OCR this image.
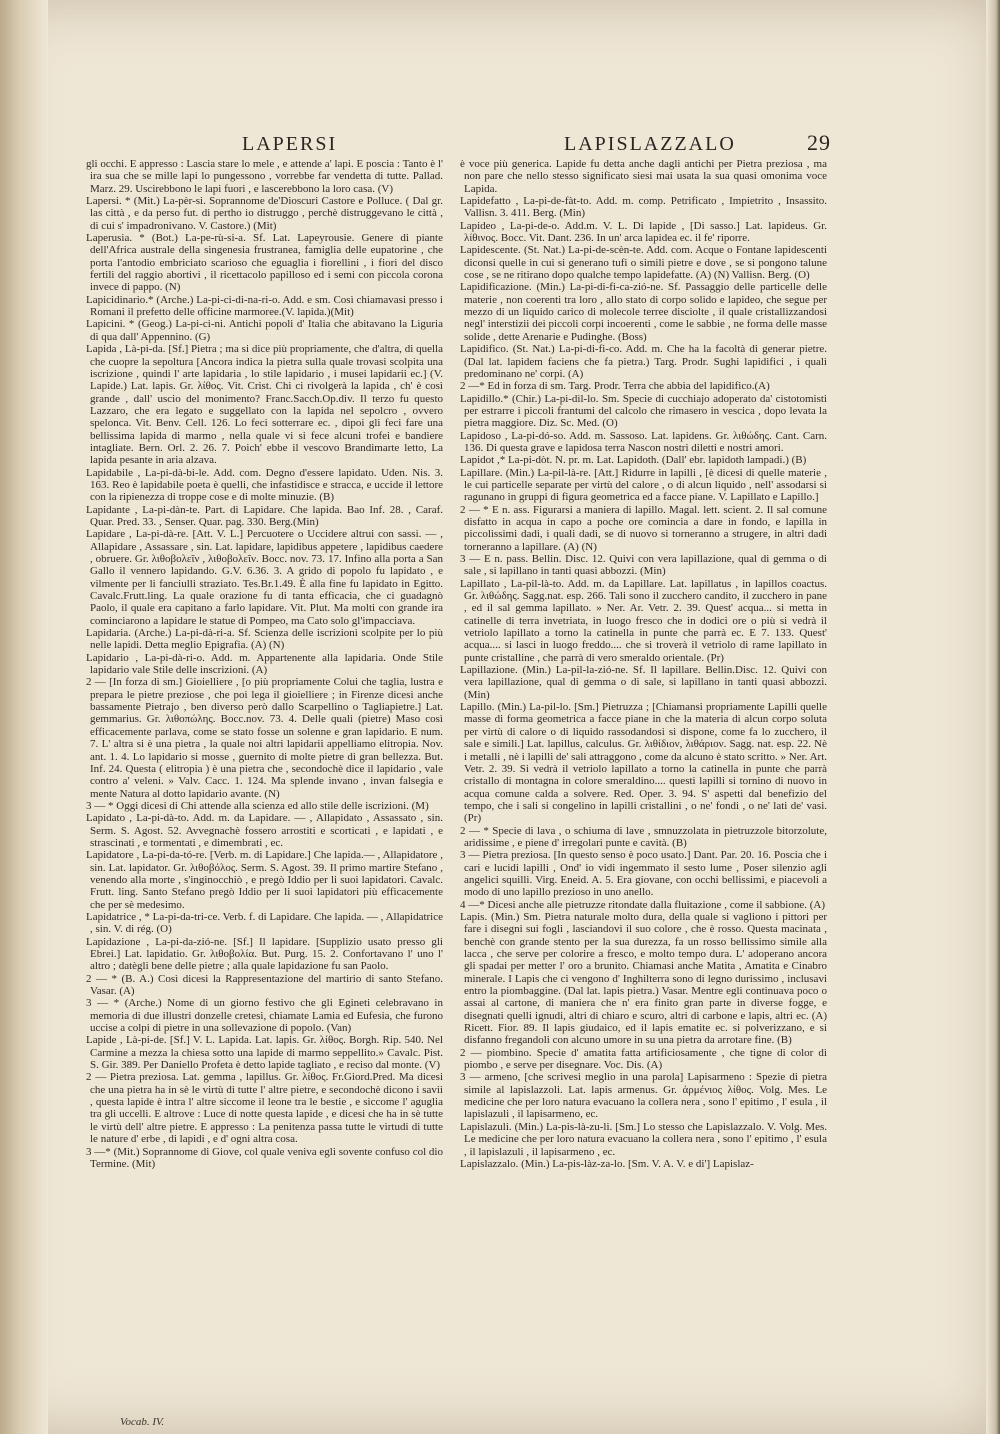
LAPERSI	LAPISLAZZALO	29

gli occhi. E appresso : Lascia stare lo mele , e attende a' lapi. E poscia : Tanto è l' ira sua che se mille lapi lo pungessono , vorrebbe far vendetta di tutte. Pallad. Marz. 29. Uscirebbono le lapi fuori , e lascerebbono la loro casa. (V)

Lapersi. * (Mit.) La-pèr-si. Soprannome de'Dioscuri Castore e Polluce. ( Dal gr. las città , e da perso fut. di pertho io distruggo , perchè distruggevano le città , di cui s' impadronivano. V. Castore.) (Mit)

Laperusia. * (Bot.) La-pe-rù-si-a. Sf. Lat. Lapeyrousie. Genere di piante dell'Africa australe della singenesia frustranea, famiglia delle eupatorine , che porta l'antodio embriciato scarioso che eguaglia i fiorellini , i fiori del disco fertili del raggio abortivi , il ricettacolo papilloso ed i semi con piccola corona invece di pappo. (N)

Lapicidinario.* (Arche.) La-pi-ci-di-na-ri-o. Add. e sm. Così chiamavasi presso i Romani il prefetto delle officine marmoree.(V. lapida.)(Mit)

Lapicini. * (Geog.) La-pi-ci-ni. Antichi popoli d' Italia che abitavano la Liguria di qua dall' Appennino. (G)

Lapida , Là-pi-da. [Sf.] Pietra ; ma si dice più propriamente, che d'altra, di quella che cuopre la sepoltura [Ancora indica la pietra sulla quale trovasi scolpita una iscrizione , quindi l' arte lapidaria , lo stile lapidario , i musei lapidarii ec.] (V. Lapide.) Lat. lapis. Gr. λίθος. Vit. Crist. Chi ci rivolgerà la lapida , ch' è così grande , dall' uscio del monimento? Franc.Sacch.Op.div. Il terzo fu questo Lazzaro, che era legato e suggellato con la lapida nel sepolcro , ovvero spelonca. Vit. Benv. Cell. 126. Lo feci sotterrare ec. , dipoi gli feci fare una bellissima lapida di marmo , nella quale vi si fece alcuni trofei e bandiere intagliate. Bern. Orl. 2. 26. 7. Poich' ebbe il vescovo Brandimarte letto, La lapida pesante in aria alzava.

Lapidabile , La-pi-dà-bi-le. Add. com. Degno d'essere lapidato. Uden. Nis. 3. 163. Reo è lapidabile poeta è quelli, che infastidisce e stracca, e uccide il lettore con la ripienezza di troppe cose e di molte minuzie. (B)

Lapidante , La-pi-dàn-te. Part. di Lapidare. Che lapida. Bao Inf. 28. , Caraf. Quar. Pred. 33. , Senser. Quar. pag. 330. Berg.(Min)

Lapidare , La-pi-dà-re. [Att. V. L.] Percuotere o Uccidere altrui con sassi. — , Allapidare , Assassare , sin. Lat. lapidare, lapidibus appetere , lapidibus caedere , obruere. Gr. λιθοβολεῖν , λιθοβολεῖν. Bocc. nov. 73. 17. Infino alla porta a San Gallo il vennero lapidando. G.V. 6.36. 3. A grido di popolo fu lapidato , e vilmente per li fanciulli straziato. Tes.Br.1.49. È alla fine fu lapidato in Egitto. Cavalc.Frutt.ling. La quale orazione fu di tanta efficacia, che ci guadagnò Paolo, il quale era capitano a farlo lapidare. Vit. Plut. Ma molti con grande ira cominciarono a lapidare le statue di Pompeo, ma Cato solo gl'impacciava.

Lapidaria. (Arche.) La-pi-dà-ri-a. Sf. Scienza delle iscrizioni scolpite per lo più nelle lapidi. Detta meglio Epigrafia. (A) (N)

Lapidario , La-pi-dà-ri-o. Add. m. Appartenente alla lapidaria. Onde Stile lapidario vale Stile delle inscrizioni. (A)

2 — [In forza di sm.] Gioielliere , [o più propriamente Colui che taglia, lustra e prepara le pietre preziose , che poi lega il gioielliere ; in Firenze dicesi anche bassamente Pietrajo , ben diverso però dallo Scarpellino o Tagliapietre.] Lat. gemmarius. Gr. λιθοπώλης. Bocc.nov. 73. 4. Delle quali (pietre) Maso così efficacemente parlava, come se stato fosse un solenne e gran lapidario. E num. 7. L' altra si è una pietra , la quale noi altri lapidarii appelliamo elitropia. Nov. ant. 1. 4. Lo lapidario si mosse , guernito di molte pietre di gran bellezza. But. Inf. 24. Questa ( elitropia ) è una pietra che , secondochè dice il lapidario , vale contro a' veleni. » Valv. Cacc. 1. 124. Ma splende invano , invan falsegia e mente Natura al dotto lapidario avante. (N)

3 — * Oggi dicesi di Chi attende alla scienza ed allo stile delle iscrizioni. (M)

Lapidato , La-pi-dà-to. Add. m. da Lapidare. — , Allapidato , Assassato , sin. Serm. S. Agost. 52. Avvegnachè fossero arrostiti e scorticati , e lapidati , e strascinati , e tormentati , e dimembrati , ec.

Lapidatore , La-pi-da-tó-re. [Verb. m. di Lapidare.] Che lapida.— , Allapidatore , sin. Lat. lapidator. Gr. λιθοβόλος. Serm. S. Agost. 39. Il primo martire Stefano , venendo alla morte , s'inginocchiò , e pregò Iddio per li suoi lapidatori. Cavalc. Frutt. ling. Santo Stefano pregò Iddio per li suoi lapidatori più efficacemente che per sè medesimo.

Lapidatrice , * La-pi-da-tri-ce. Verb. f. di Lapidare. Che lapida. — , Allapidatrice , sin. V. di rég. (O)

Lapidazione , La-pi-da-zió-ne. [Sf.] Il lapidare. [Supplizio usato presso gli Ebrei.] Lat. lapidatio. Gr. λιθοβολία. But. Purg. 15. 2. Confortavano l' uno l' altro ; datègli bene delle pietre ; alla quale lapidazione fu san Paolo.

2 — * (B. A.) Così dicesi la Rappresentazione del martirio di santo Stefano. Vasar. (A)

3 — * (Arche.) Nome di un giorno festivo che gli Egineti celebravano in memoria di due illustri donzelle cretesi, chiamate Lamia ed Eufesia, che furono uccise a colpi di pietre in una sollevazione di popolo. (Van)

Lapide , Là-pi-de. [Sf.] V. L. Lapida. Lat. lapis. Gr. λίθος. Borgh. Rip. 540. Nel Carmine a mezza la chiesa sotto una lapide di marmo seppellito.» Cavalc. Pist. S. Gir. 389. Per Daniello Profeta è detto lapide tagliato , e reciso dal monte. (V)

2 — Pietra preziosa. Lat. gemma , lapillus. Gr. λίθος. Fr.Giord.Pred. Ma dicesi che una pietra ha in sè le virtù di tutte l' altre pietre, e secondochè dicono i savii , questa lapide è intra l' altre siccome il leone tra le bestie , e siccome l' aguglia tra gli uccelli. E altrove : Luce di notte questa lapide , e dicesi che ha in sè tutte le virtù dell' altre pietre. E appresso : La penitenza passa tutte le virtudi di tutte le nature d' erbe , di lapidi , e d' ogni altra cosa.

3 —* (Mit.) Soprannome di Giove, col quale veniva egli sovente confuso col dio Termine. (Mit)

è voce più generica. Lapide fu detta anche dagli antichi per Pietra preziosa , ma non pare che nello stesso significato siesi mai usata la sua quasi omonima voce Lapida.

Lapidefatto , La-pi-de-fàt-to. Add. m. comp. Petrificato , Impietrito , Insassito. Vallisn. 3. 411. Berg. (Min)

Lapideo , La-pi-de-o. Add.m. V. L. Di lapide , [Di sasso.] Lat. lapideus. Gr. λίθινος. Bocc. Vit. Dant. 236. In un' arca lapidea ec. il fe' riporre.

Lapidescente. (St. Nat.) La-pi-de-scèn-te. Add. com. Acque o Fontane lapidescenti diconsi quelle in cui si generano tufi o simili pietre e dove , se si pongono talune cose , se ne ritirano dopo qualche tempo lapidefatte. (A) (N) Vallisn. Berg. (O)

Lapidificazione. (Min.) La-pi-di-fi-ca-zió-ne. Sf. Passaggio delle particelle delle materie , non coerenti tra loro , allo stato di corpo solido e lapideo, che segue per mezzo di un liquido carico di molecole terree disciolte , il quale cristallizzandosi negl' interstizii dei piccoli corpi incoerenti , come le sabbie , ne forma delle masse solide , dette Arenarie e Pudinghe. (Boss)

Lapidifico. (St. Nat.) La-pi-di-fi-co. Add. m. Che ha la facoltà di generar pietre. (Dal lat. lapidem faciens che fa pietra.) Targ. Prodr. Sughi lapidifici , i quali predominano ne' corpi. (A)

2 —* Ed in forza di sm. Targ. Prodr. Terra che abbia del lapidifico.(A)

Lapidillo.* (Chir.) La-pi-dìl-lo. Sm. Specie di cucchiajo adoperato da' cistotomisti per estrarre i piccoli frantumi del calcolo che rimasero in vescica , dopo levata la pietra maggiore. Diz. Sc. Med. (O)

Lapidoso , La-pi-dó-so. Add. m. Sassoso. Lat. lapidens. Gr. λιθώδης. Cant. Carn. 136. Di questa grave e lapidosa terra Nascon nostri diletti e nostri amori.

Lapidot ,* La-pi-dòt. N. pr. m. Lat. Lapidoth. (Dall' ebr. lapidoth lampadi.) (B)

Lapillare. (Min.) La-pil-là-re. [Att.] Ridurre in lapilli , [è dicesi di quelle materie , le cui particelle separate per virtù del calore , o di alcun liquido , nell' assodarsi si ragunano in gruppi di figura geometrica ed a facce piane. V. Lapillato e Lapillo.]

2 — * E n. ass. Figurarsi a maniera di lapillo. Magal. lett. scient. 2. Il sal comune disfatto in acqua in capo a poche ore comincia a dare in fondo, e lapilla in piccolissimi dadi, i quali dadi, se di nuovo si torneranno a strugere, in altri dadi torneranno a lapillare. (A) (N)

3 — E n. pass. Bellin. Disc. 12. Quivi con vera lapillazione, qual di gemma o di sale , si lapillano in tanti quasi abbozzi. (Min)

Lapillato , La-pil-là-to. Add. m. da Lapillare. Lat. lapillatus , in lapillos coactus. Gr. λιθώδης. Sagg.nat. esp. 266. Tali sono il zucchero candito, il zucchero in pane , ed il sal gemma lapillato. » Ner. Ar. Vetr. 2. 39. Quest' acqua... si metta in catinelle di terra invetriata, in luogo fresco che in dodici ore o più si vedrà il vetriolo lapillato a torno la catinella in punte che parrà ec. E 7. 133. Quest' acqua.... si lasci in luogo freddo.... che si troverà il vetriolo di rame lapillato in punte cristalline , che parrà di vero smeraldo orientale. (Pr)

Lapillazione. (Min.) La-pil-la-zió-ne. Sf. Il lapillare. Bellin.Disc. 12. Quivi con vera lapillazione, qual di gemma o di sale, si lapillano in tanti quasi abbozzi. (Min)

Lapillo. (Min.) La-pil-lo. [Sm.] Pietruzza ; [Chiamansi propriamente Lapilli quelle masse di forma geometrica a facce piane in che la materia di alcun corpo soluta per virtù di calore o di liquido rassodandosi si dispone, come fa lo zucchero, il sale e simili.] Lat. lapillus, calculus. Gr. λιθίδιον, λιθάριον. Sagg. nat. esp. 22. Nè i metalli , nè i lapilli de' sali attraggono , come da alcuno è stato scritto. » Ner. Art. Vetr. 2. 39. Si vedrà il vetriolo lapillato a torno la catinella in punte che parrà cristallo di montagna in colore smeraldino.... questi lapilli si tornino di nuovo in acqua comune calda a solvere. Red. Oper. 3. 94. S' aspetti dal benefizio del tempo, che i sali si congelino in lapilli cristallini , o ne' fondi , o ne' lati de' vasi. (Pr)

2 — * Specie di lava , o schiuma di lave , smnuzzolata in pietruzzole bitorzolute, aridissime , e piene d' irregolari punte e cavità. (B)

3 — Pietra preziosa. [In questo senso è poco usato.] Dant. Par. 20. 16. Poscia che i cari e lucidi lapilli , Ond' io vidi ingemmato il sesto lume , Poser silenzio agli angelici squilli. Virg. Eneid. A. 5. Era giovane, con occhi bellissimi, e piacevoli a modo di uno lapillo prezioso in uno anello.

4 —* Dicesi anche alle pietruzze ritondate dalla fluitazione , come il sabbione. (A)

Lapis. (Min.) Sm. Pietra naturale molto dura, della quale si vagliono i pittori per fare i disegni sui fogli , lasciandovi il suo colore , che è rosso. Questa macinata , benchè con grande stento per la sua durezza, fa un rosso bellissimo simile alla lacca , che serve per colorire a fresco, e molto tempo dura. L' adoperano ancora gli spadai per metter l' oro a brunito. Chiamasi anche Matita , Amatita e Cinabro minerale. I Lapis che ci vengono d' Inghilterra sono di legno durissimo , inclusavi entro la piombaggine. (Dal lat. lapis pietra.) Vasar. Mentre egli continuava poco o assai al cartone, di maniera che n' era finito gran parte in diverse fogge, e disegnati quelli ignudi, altri di chiaro e scuro, altri di carbone e lapis, altri ec. (A) Ricett. Fior. 89. Il lapis giudaico, ed il lapis ematite ec. si polverizzano, e si disfanno fregandoli con alcuno umore in su una pietra da arrotare fine. (B)

2 — piombino. Specie d' amatita fatta artificiosamente , che tigne di color di piombo , e serve per disegnare. Voc. Dis. (A)

3 — armeno, [che scrivesi meglio in una parola] Lapisarmeno : Spezie di pietra simile al lapislazzoli. Lat. lapis armenus. Gr. ἀρμένιος λίθος. Volg. Mes. Le medicine che per loro natura evacuano la collera nera , sono l' epitimo , l' esula , il lapislazuli , il lapisarmeno, ec.

Lapislazuli. (Min.) La-pis-là-zu-li. [Sm.] Lo stesso che Lapislazzalo. V. Volg. Mes. Le medicine che per loro natura evacuano la collera nera , sono l' epitimo , l' esula , il lapislazuli , il lapisarmeno , ec.

Lapislazzalo. (Min.) La-pis-làz-za-lo. [Sm. V. A. V. e di'] Lapislaz-

Vocab. IV.
